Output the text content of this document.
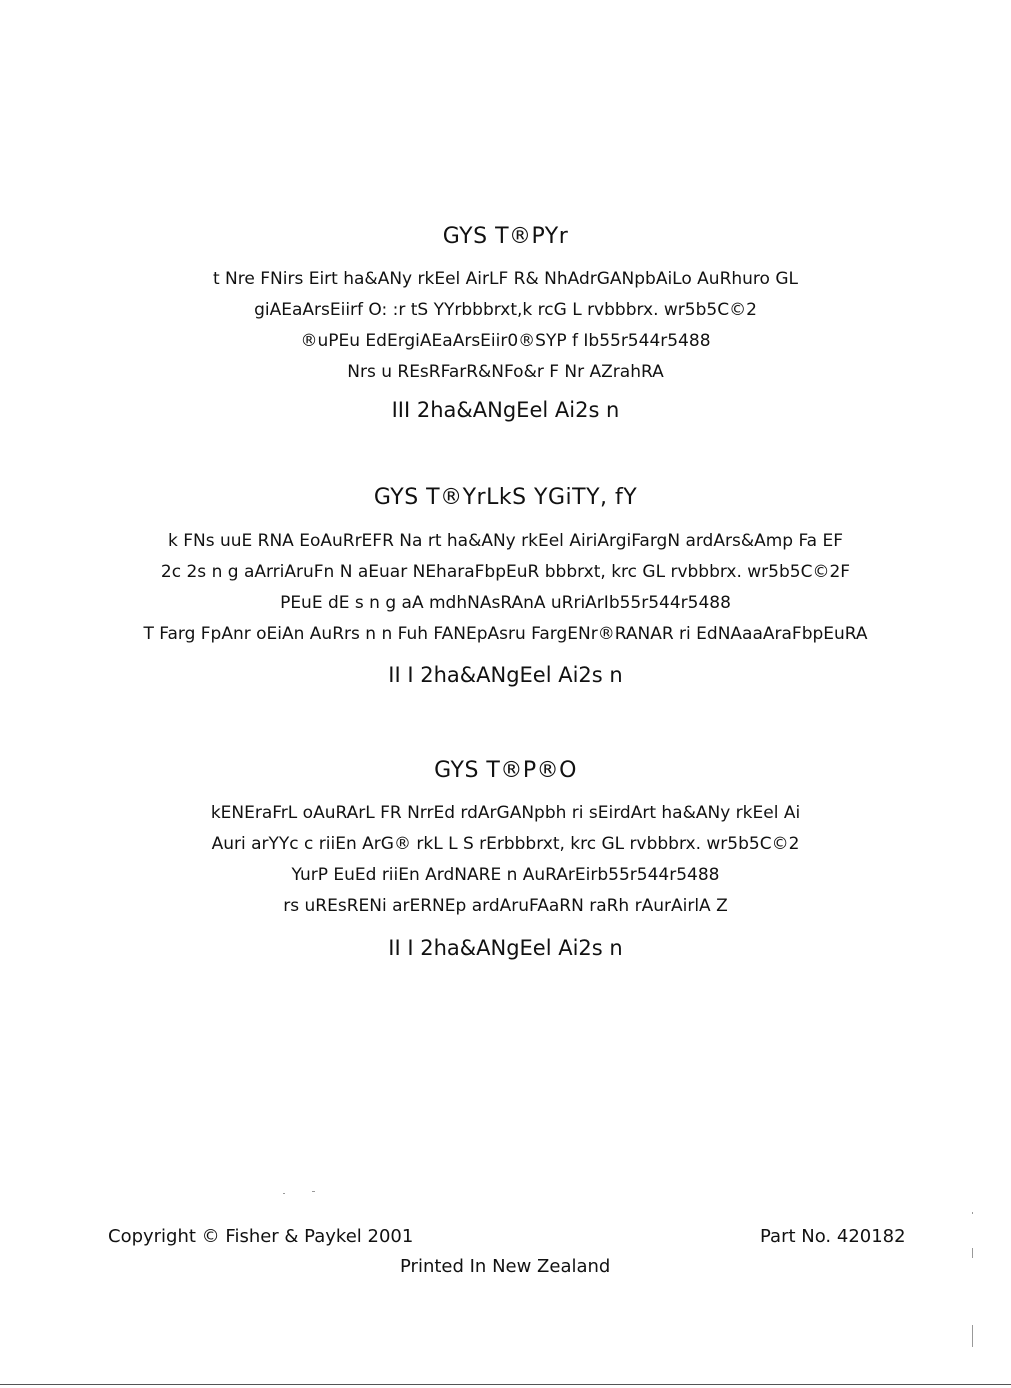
GYS T®PYr
t Nre FNirs Eirt ha&ANy rkEel AirLF R& NhAdrGANpbAiLo AuRhuro GL
giAEaArsEiirf O: :r tS YYrbbbrxt,k rcG L rvbbbrx. wr5b5C©2
®uPEu EdErgiAEaArsEiir0®SYP f Ib55r544r5488
Nrs u REsRFarR&NFo&r F Nr AZrahRA
III 2ha&ANgEel Ai2s n
GYS T®YrLkS YGiTY, fY
k FNs uuE RNA EoAuRrEFR Na rt ha&ANy rkEel AiriArgiFargN ardArs&Amp Fa EF
2c 2s n g aArriAruFn N aEuar NEharaFbpEuR bbbrxt, krc GL rvbbbrx. wr5b5C©2F
PEuE dE s n g aA mdhNAsRAnA uRriArIb55r544r5488
T Farg FpAnr oEiAn AuRrs n n Fuh FANEpAsru FargENr®RANAR ri EdNAaaAraFbpEuRA
II I 2ha&ANgEel Ai2s n
GYS T®P®O
kENEraFrL oAuRArL FR NrrEd rdArGANpbh ri sEirdArt ha&ANy rkEel Ai
Auri arYYc c riiEn ArG® rkL L S rErbbbrxt, krc GL rvbbbrx. wr5b5C©2
YurP EuEd riiEn ArdNARE n AuRArEirb55r544r5488
rs uREsRENi arERNEp ardAruFAaRN raRh rAurAirlA Z
II I 2ha&ANgEel Ai2s n
Copyright © Fisher & Paykel 2001	Part No. 420182
Printed In New Zealand
